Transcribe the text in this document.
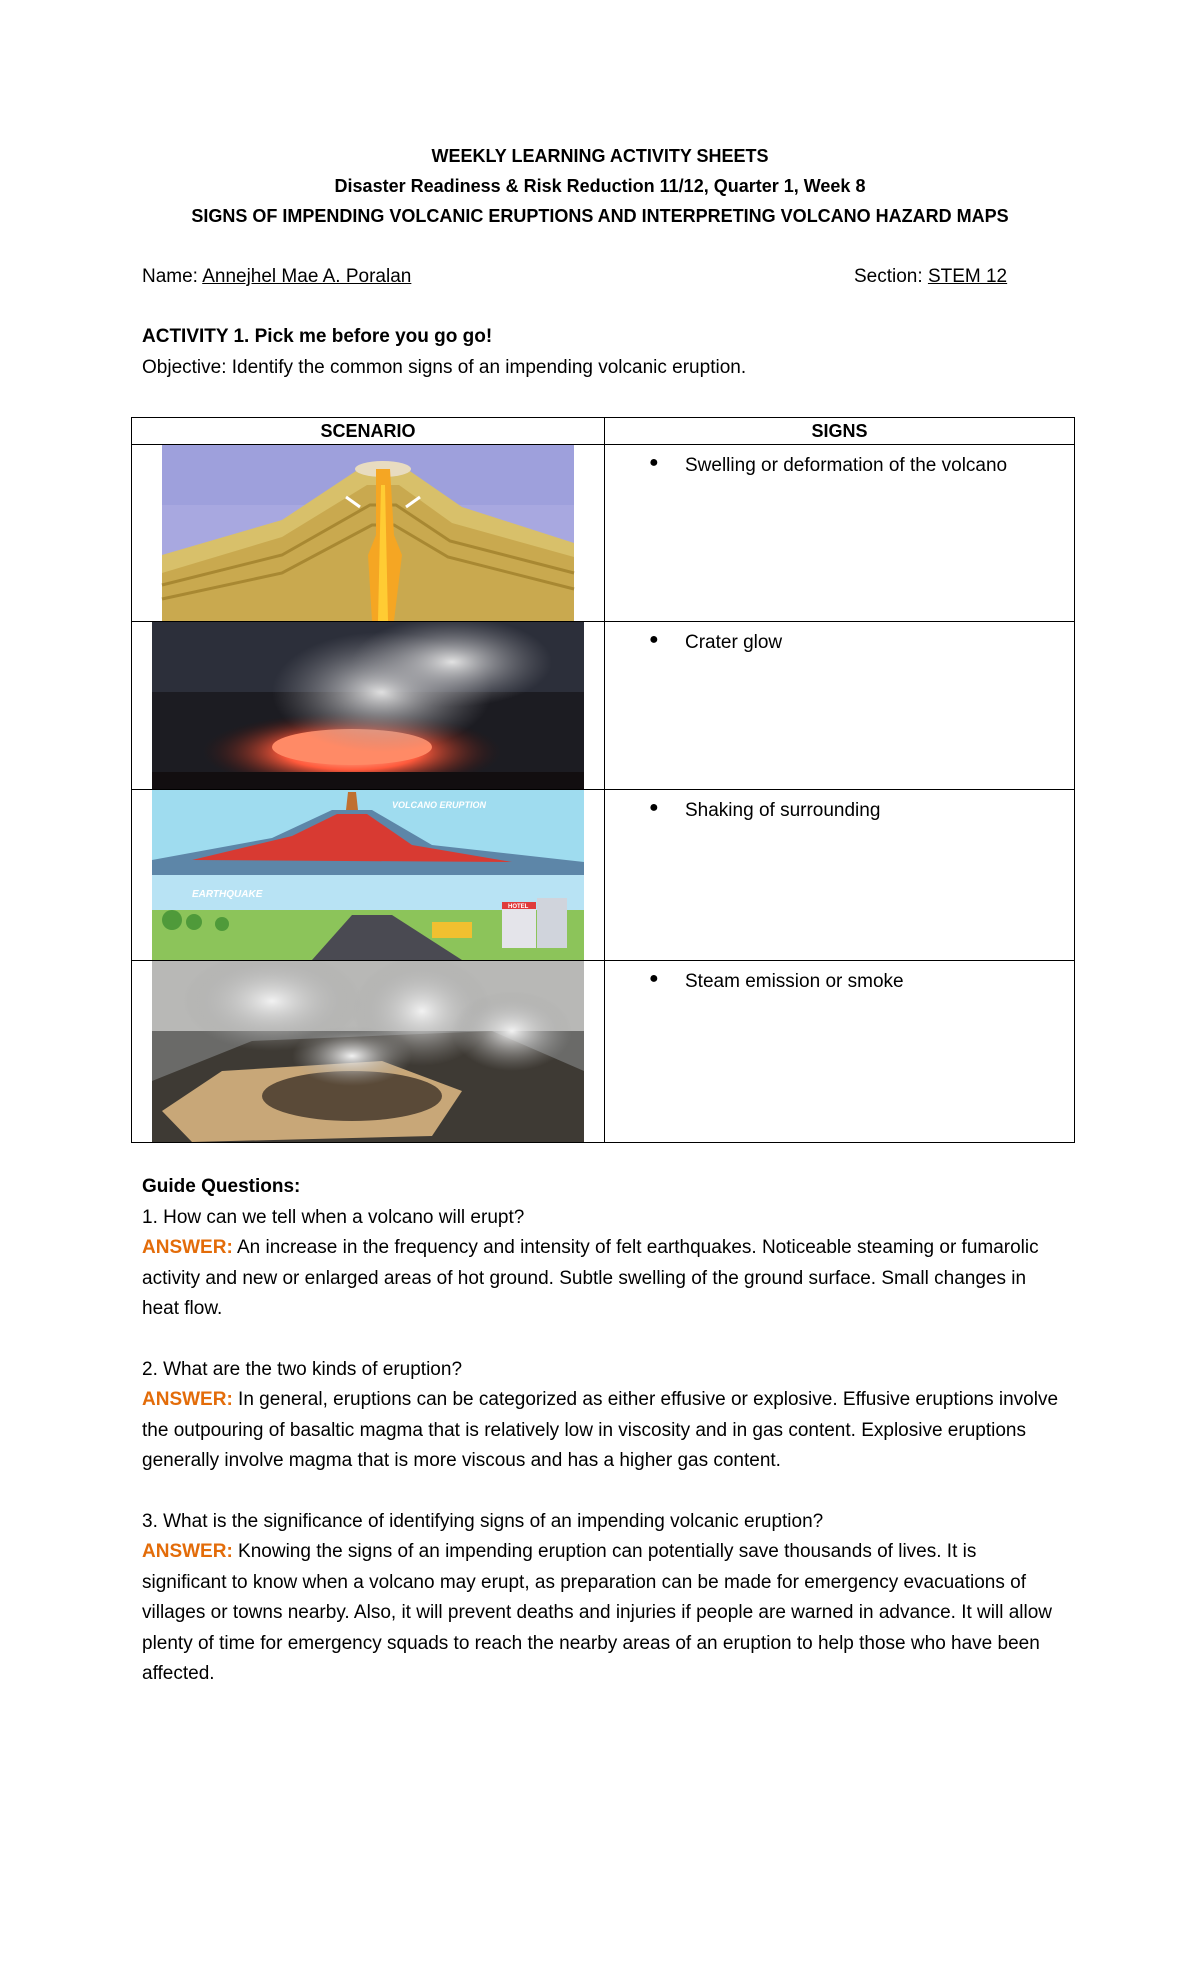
WEEKLY LEARNING ACTIVITY SHEETS
Disaster Readiness & Risk Reduction 11/12, Quarter 1, Week 8
SIGNS OF IMPENDING VOLCANIC ERUPTIONS AND INTERPRETING VOLCANO HAZARD MAPS
Name: Annejhel Mae A. Poralan	Section: STEM 12
ACTIVITY 1. Pick me before you go go!
Objective: Identify the common signs of an impending volcanic eruption.
SCENARIO	SIGNS

● Swelling or deformation of the volcano

● Crater glow

VOLCANO ERUPTION
EARTHQUAKE
HOTEL	● Shaking of surrounding

● Steam emission or smoke

Guide Questions:

1. How can we tell when a volcano will erupt?

ANSWER: An increase in the frequency and intensity of felt earthquakes. Noticeable steaming or fumarolic activity and new or enlarged areas of hot ground. Subtle swelling of the ground surface. Small changes in heat flow.

2. What are the two kinds of eruption?

ANSWER: In general, eruptions can be categorized as either effusive or explosive. Effusive eruptions involve the outpouring of basaltic magma that is relatively low in viscosity and in gas content. Explosive eruptions generally involve magma that is more viscous and has a higher gas content.

3. What is the significance of identifying signs of an impending volcanic eruption?

ANSWER: Knowing the signs of an impending eruption can potentially save thousands of lives. It is significant to know when a volcano may erupt, as preparation can be made for emergency evacuations of villages or towns nearby. Also, it will prevent deaths and injuries if people are warned in advance. It will allow plenty of time for emergency squads to reach the nearby areas of an eruption to help those who have been affected.
